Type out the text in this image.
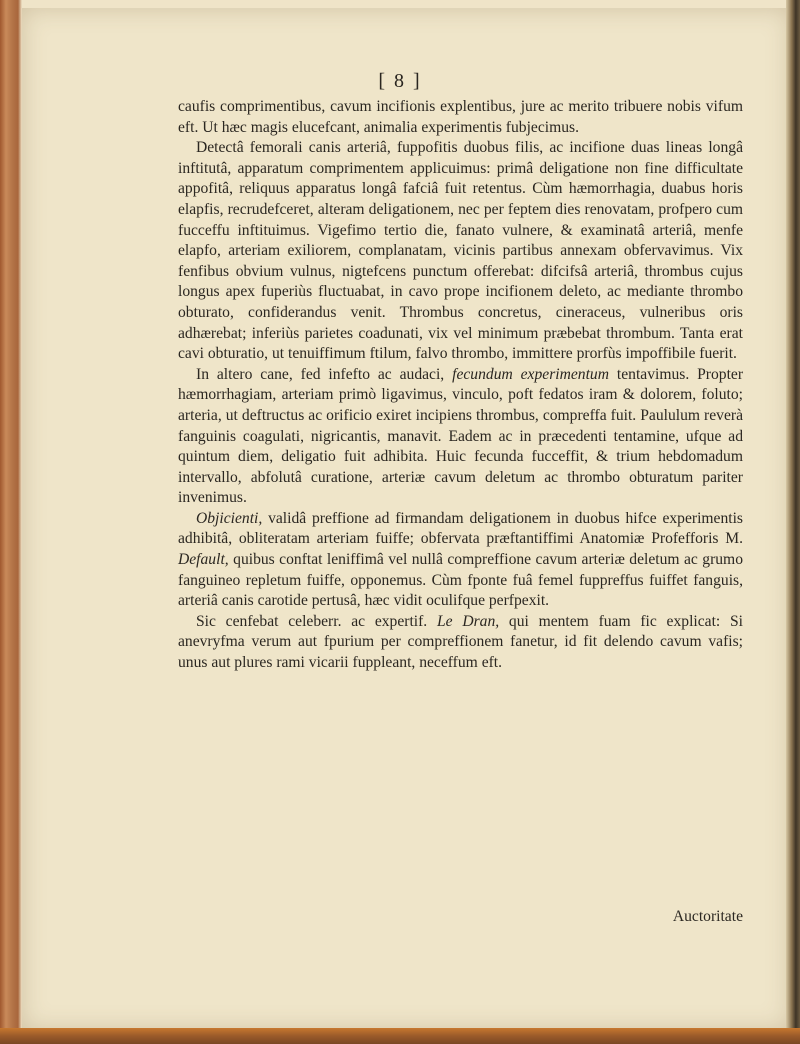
[ 8 ]

caufis comprimentibus, cavum incifionis explentibus, jure ac merito tribuere nobis vifum eft. Ut hæc magis elucefcant, animalia experimentis fubjecimus.

Detectâ femorali canis arteriâ, fuppofitis duobus filis, ac incifione duas lineas longâ inftitutâ, apparatum comprimentem applicuimus: primâ deligatione non fine difficultate appofitâ, reliquus apparatus longâ fafciâ fuit retentus. Cùm hæmorrhagia, duabus horis elapfis, recrudefceret, alteram deligationem, nec per feptem dies renovatam, profpero cum fucceffu inftituimus. Vigefimo tertio die, fanato vulnere, & examinatâ arteriâ, menfe elapfo, arteriam exiliorem, complanatam, vicinis partibus annexam obfervavimus. Vix fenfibus obvium vulnus, nigtefcens punctum offerebat: difcifsâ arteriâ, thrombus cujus longus apex fuperiùs fluctuabat, in cavo prope incifionem deleto, ac mediante thrombo obturato, confiderandus venit. Thrombus concretus, cineraceus, vulneribus oris adhærebat; inferiùs parietes coadunati, vix vel minimum præbebat thrombum. Tanta erat cavi obturatio, ut tenuiffimum ftilum, falvo thrombo, immittere prorfùs impoffibile fuerit.

In altero cane, fed infefto ac audaci, fecundum experimentum tentavimus. Propter hæmorrhagiam, arteriam primò ligavimus, vinculo, poft fedatos iram & dolorem, foluto; arteria, ut deftructus ac orificio exiret incipiens thrombus, compreffa fuit. Paululum reverà fanguinis coagulati, nigricantis, manavit. Eadem ac in præcedenti tentamine, ufque ad quintum diem, deligatio fuit adhibita. Huic fecunda fucceffit, & trium hebdomadum intervallo, abfolutâ curatione, arteriæ cavum deletum ac thrombo obturatum pariter invenimus.

Objicienti, validâ preffione ad firmandam deligationem in duobus hifce experimentis adhibitâ, obliteratam arteriam fuiffe; obfervata præftantiffimi Anatomiæ Profefforis M. Default, quibus conftat leniffimâ vel nullâ compreffione cavum arteriæ deletum ac grumo fanguineo repletum fuiffe, opponemus. Cùm fponte fuâ femel fuppreffus fuiffet fanguis, arteriâ canis carotide pertusâ, hæc vidit oculifque perfpexit.

Sic cenfebat celeberr. ac expertif. Le Dran, qui mentem fuam fic explicat: Si anevryfma verum aut fpurium per compreffionem fanetur, id fit delendo cavum vafis; unus aut plures rami vicarii fuppleant, neceffum eft.

Auctoritate
